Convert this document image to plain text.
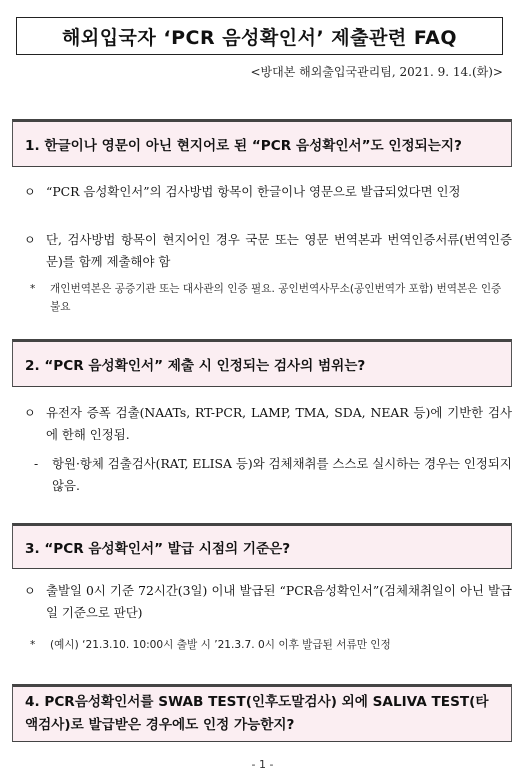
해외입국자 ‘PCR 음성확인서’ 제출관련 FAQ
<방대본 해외출입국관리팀, 2021. 9. 14.(화)>
1. 한글이나 영문이 아닌 현지어로 된 “PCR 음성확인서”도 인정되는지?
ㅇ “PCR 음성확인서”의 검사방법 항목이 한글이나 영문으로 발급되었다면 인정
ㅇ 단, 검사방법 항목이 현지어인 경우 국문 또는 영문 번역본과 번역인증서류(번역인증문)를 함께 제출해야 함
* 개인번역본은 공증기관 또는 대사관의 인증 필요. 공인번역사무소(공인번역가 포함) 번역본은 인증 불요
2. “PCR 음성확인서” 제출 시 인정되는 검사의 범위는?
ㅇ 유전자 증폭 검출(NAATs, RT-PCR, LAMP, TMA, SDA, NEAR 등)에 기반한 검사에 한해 인정됨.
- 항원·항체 검출검사(RAT, ELISA 등)와 검체채취를 스스로 실시하는 경우는 인정되지 않음.
3. “PCR 음성확인서” 발급 시점의 기준은?
ㅇ 출발일 0시 기준 72시간(3일) 이내 발급된 “PCR음성확인서”(검체채취일이 아닌 발급일 기준으로 판단)
* (예시) ‘21.3.10. 10:00시 출발 시 ’21.3.7. 0시 이후 발급된 서류만 인정
4. PCR음성확인서를 SWAB TEST(인후도말검사) 외에 SALIVA TEST(타액검사)로 발급받은 경우에도 인정 가능한지?
- 1 -
